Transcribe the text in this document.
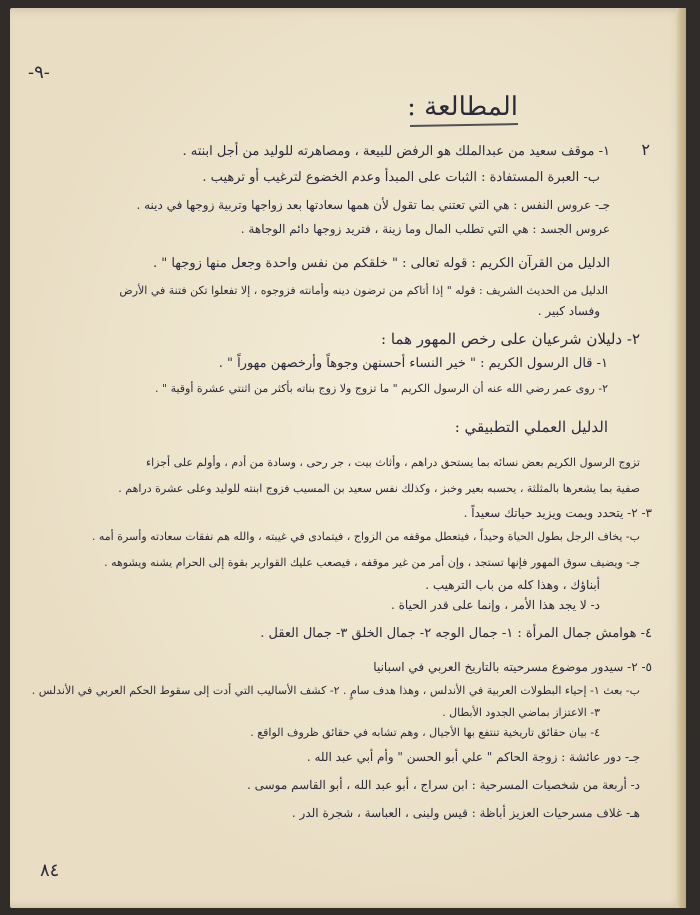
-٩-
المطالعة :
٢
١- موقف سعيد من عبدالملك هو الرفض للبيعة ، ومصاهرته للوليد من أجل ابنته .
ب- العبرة المستفادة : الثبات على المبدأ وعدم الخضوع لترغيب أو ترهيب .
جـ- عروس النفس : هي التي تعتني بما تقول لأن همها سعادتها بعد زواجها وتربية زوجها في دينه .
عروس الجسد : هي التي تطلب المال وما زينة ، فتريد زوجها دائم الوجاهة .
الدليل من القرآن الكريم : قوله تعالى : " خلقكم من نفس واحدة وجعل منها زوجها " .
الدليل من الحديث الشريف : قوله " إذا أتاكم من ترضون دينه وأمانته فزوجوه ، إلا تفعلوا تكن فتنة في الأرض
وفساد كبير .
٢- دليلان شرعيان على رخص المهور هما :
١- قال الرسول الكريم : " خير النساء أحسنهن وجوهاً وأرخصهن مهوراً " .
٢- روى عمر رضي الله عنه أن الرسول الكريم " ما تزوج ولا زوج بناته بأكثر من اثنتي عشرة أوقية " .
الدليل العملي التطبيقي :
تزوج الرسول الكريم بعض نسائه بما يستحق دراهم ، وأثاث بيت ، جر رحى ، وسادة من أدم ، وأولم على أجزاء
صفية بما يشعرها بالمثلثة ، يحسبه بعير وخبز ، وكذلك نفس سعيد بن المسيب فزوج ابنته للوليد وعلى عشرة دراهم .
٣- ٢- يتحدد ويمت ويزيد حياتك سعيداً .
ب- يخاف الرجل بطول الحياة وحيداً ، فيتعطل موقفه من الزواج ، فيتمادى في غيبته ، والله هم نفقات سعادته وأسرة أمه .
جـ- ويضيف سوق المهور فإنها تستجد ، وإن أمر من غير موقفه ، فيصعب عليك القوارير بقوة إلى الحرام يشنه ويشوهه .
أبناؤك ، وهذا كله من باب الترهيب .
د- لا يجد هذا الأمر ، وإنما على قدر الحياة .
٤- هوامش جمال المرأة : ١- جمال الوجه ٢- جمال الخلق ٣- جمال العقل .
٥- ٢- سيدور موضوع مسرحيته بالتاريخ العربي في اسبانيا
ب- بعث ١- إحياء البطولات العربية في الأندلس ، وهذا هدف سامٍ . ٢- كشف الأساليب التي أدت إلى سقوط الحكم العربي في الأندلس .
٣- الاعتزاز بماضي الجدود الأبطال .
٤- بيان حقائق تاريخية تنتفع بها الأجيال ، وهم تشابه في حقائق ظروف الواقع .
جـ- دور عائشة : زوجة الحاكم " علي أبو الحسن " وأم أبي عبد الله .
د- أربعة من شخصيات المسرحية : ابن سراج ، أبو عبد الله ، أبو القاسم موسى .
هـ- غلاف مسرحيات العزيز أباظة : قيس ولبنى ، العباسة ، شجرة الدر .
٨٤
